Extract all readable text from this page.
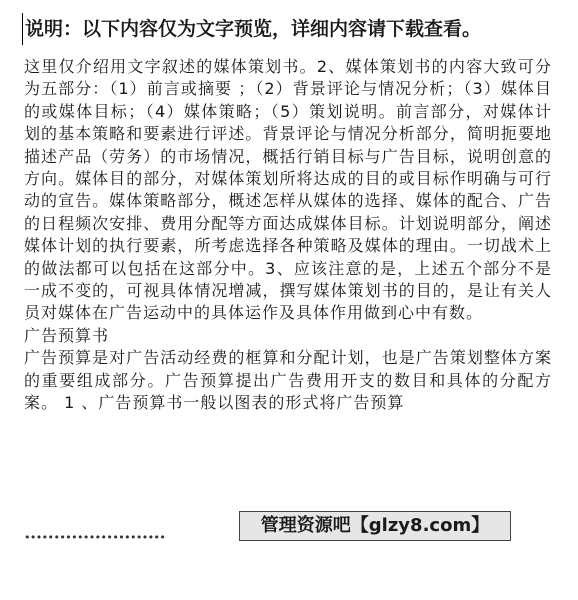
说明：以下内容仅为文字预览，详细内容请下载查看。

这里仅介绍用文字叙述的媒体策划书。2、媒体策划书的内容大致可分为五部分：（1）前言或摘要 ；（2）背景评论与情况分析；（3）媒体目的或媒体目标；（4）媒体策略；（5）策划说明。前言部分，对媒体计划的基本策略和要素进行评述。背景评论与情况分析部分，简明扼要地描述产品（劳务）的市场情况，概括行销目标与广告目标，说明创意的方向。媒体目的部分，对媒体策划所将达成的目的或目标作明确与可行动的宣告。媒体策略部分，概述怎样从媒体的选择、媒体的配合、广告的日程频次安排、费用分配等方面达成媒体目标。计划说明部分，阐述媒体计划的执行要素，所考虑选择各种策略及媒体的理由。一切战术上的做法都可以包括在这部分中。3、应该注意的是，上述五个部分不是一成不变的，可视具体情况增减，撰写媒体策划书的目的，是让有关人员对媒体在广告运动中的具体运作及具体作用做到心中有数。

广告预算书

广告预算是对广告活动经费的框算和分配计划，也是广告策划整体方案的重要组成部分。广告预算提出广告费用开支的数目和具体的分配方案。 1 、广告预算书一般以图表的形式将广告预算

管理资源吧【glzy8.com】
••••••••••••••••••••••••
